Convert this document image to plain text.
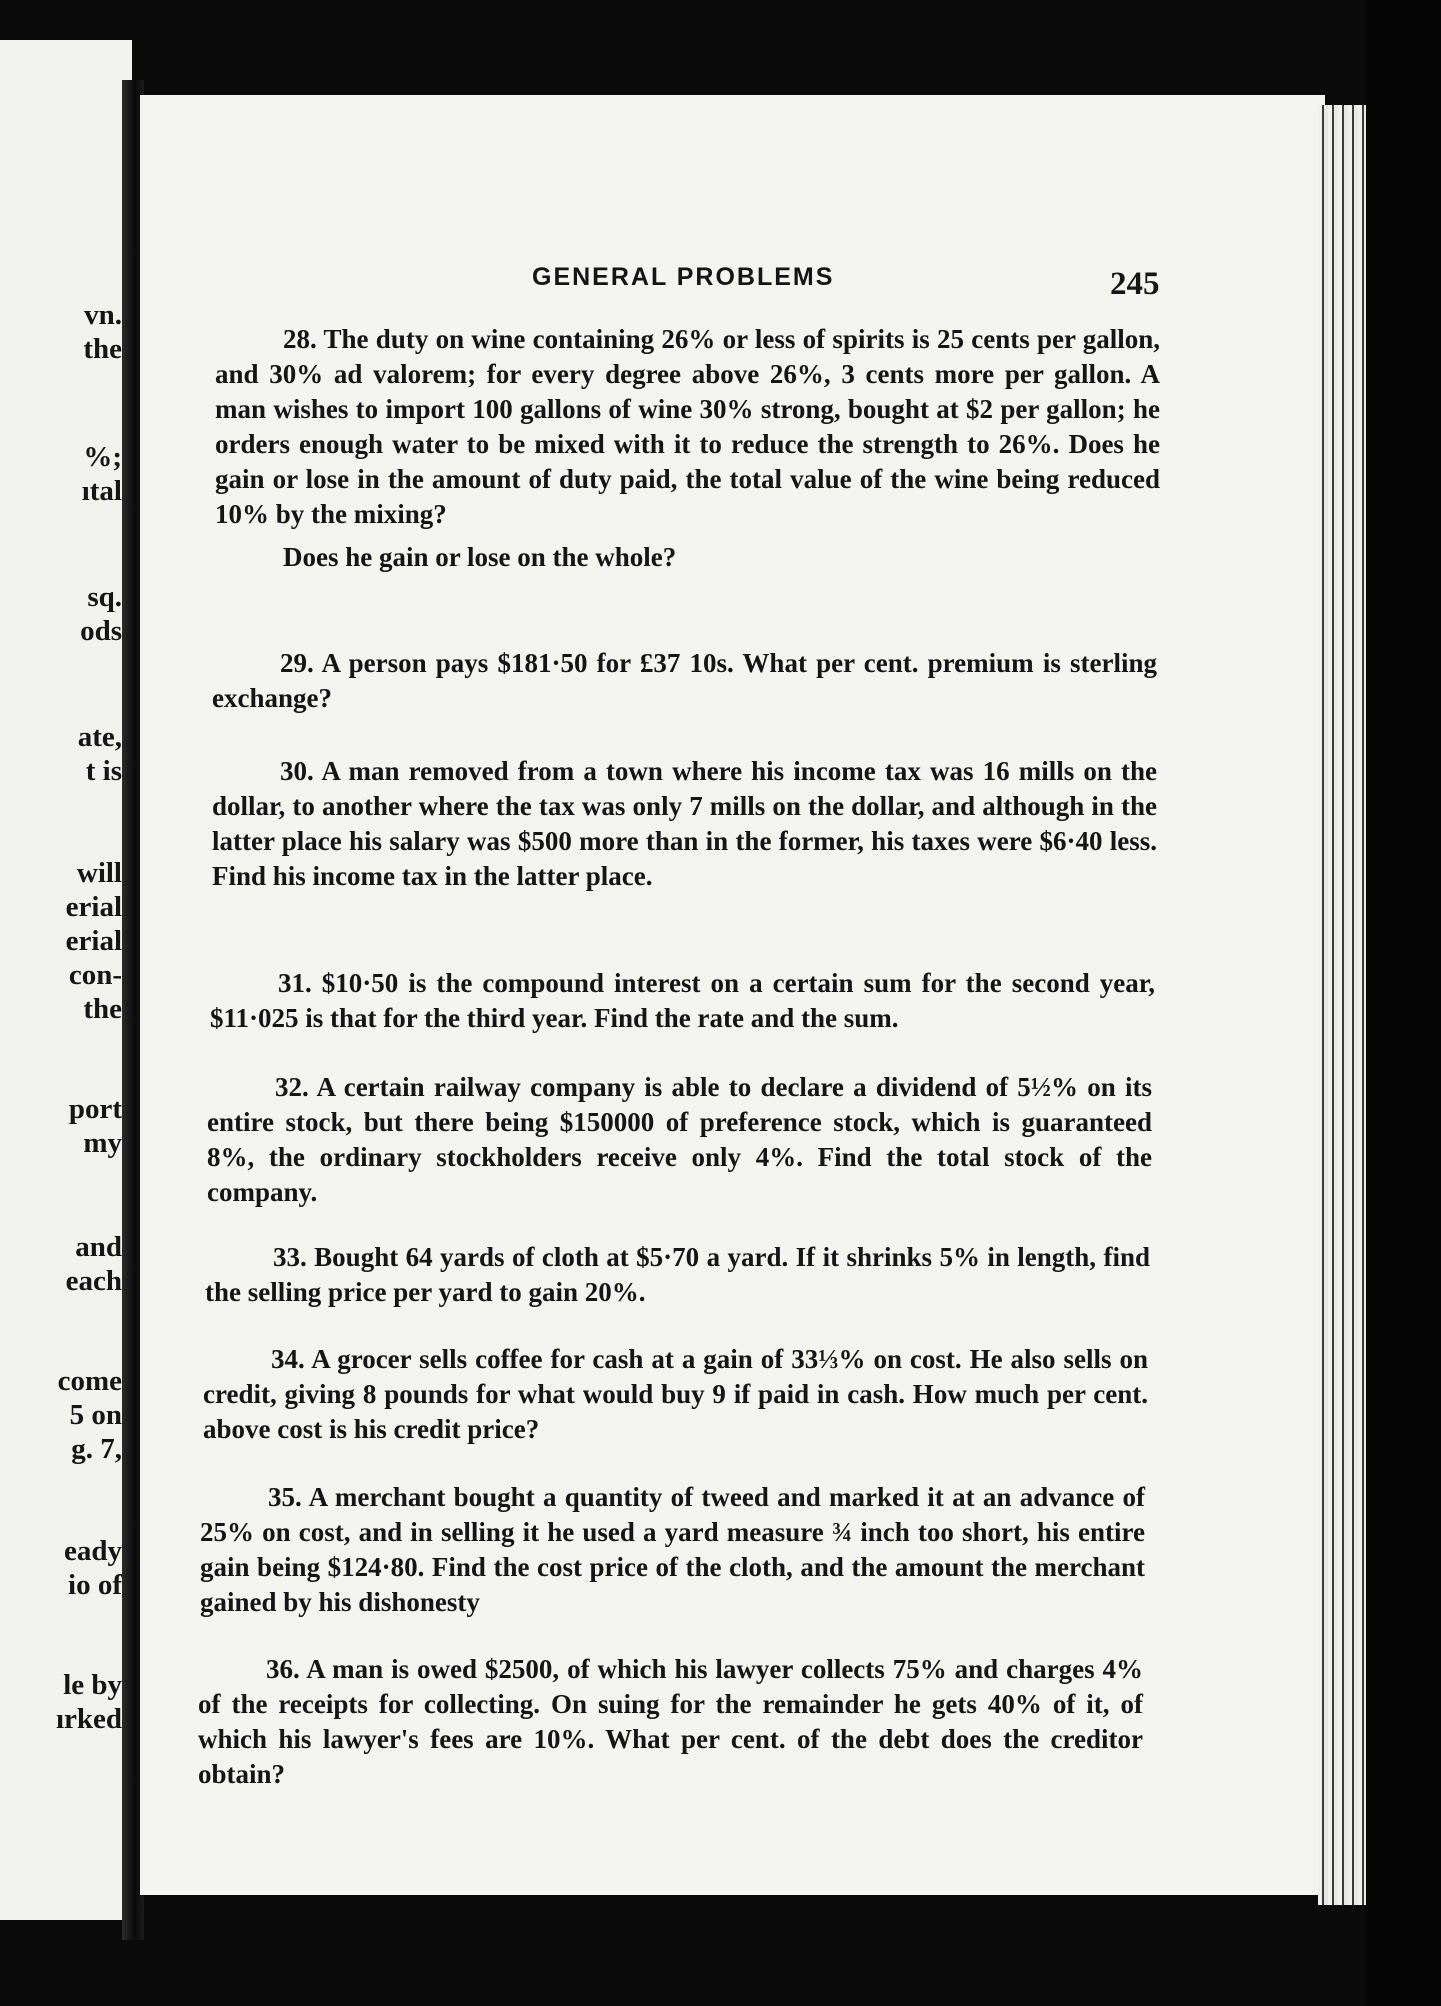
vn.
the
%;
ıtal
sq.
ods
ate,
t is
will
erial
erial
con-
the
port
my
and
each
come
5 on
g. 7,
eady
io of
le by
ırked
GENERAL PROBLEMS	245

28. The duty on wine containing 26% or less of spirits is 25 cents per gallon, and 30% ad valorem; for every degree above 26%, 3 cents more per gallon. A man wishes to import 100 gallons of wine 30% strong, bought at $2 per gallon; he orders enough water to be mixed with it to reduce the strength to 26%. Does he gain or lose in the amount of duty paid, the total value of the wine being reduced 10% by the mixing?

Does he gain or lose on the whole?

29. A person pays $181·50 for £37 10s. What per cent. premium is sterling exchange?

30. A man removed from a town where his income tax was 16 mills on the dollar, to another where the tax was only 7 mills on the dollar, and although in the latter place his salary was $500 more than in the former, his taxes were $6·40 less. Find his income tax in the latter place.

31. $10·50 is the compound interest on a certain sum for the second year, $11·025 is that for the third year. Find the rate and the sum.

32. A certain railway company is able to declare a dividend of 5½% on its entire stock, but there being $150000 of preference stock, which is guaranteed 8%, the ordinary stockholders receive only 4%. Find the total stock of the company.

33. Bought 64 yards of cloth at $5·70 a yard. If it shrinks 5% in length, find the selling price per yard to gain 20%.

34. A grocer sells coffee for cash at a gain of 33⅓% on cost. He also sells on credit, giving 8 pounds for what would buy 9 if paid in cash. How much per cent. above cost is his credit price?

35. A merchant bought a quantity of tweed and marked it at an advance of 25% on cost, and in selling it he used a yard measure ¾ inch too short, his entire gain being $124·80. Find the cost price of the cloth, and the amount the merchant gained by his dishonesty

36. A man is owed $2500, of which his lawyer collects 75% and charges 4% of the receipts for collecting. On suing for the remainder he gets 40% of it, of which his lawyer's fees are 10%. What per cent. of the debt does the creditor obtain?
